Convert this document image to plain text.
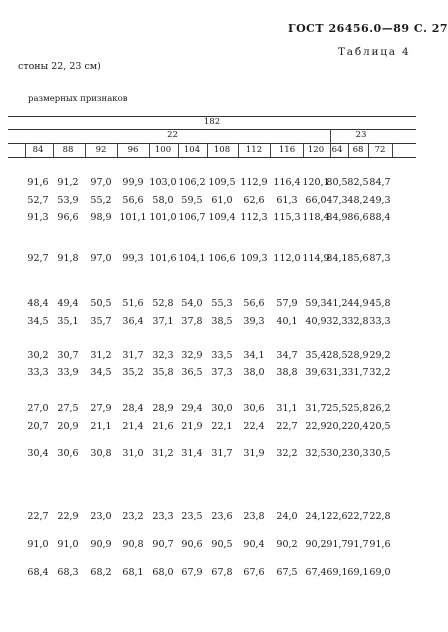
ГОСТ 26456.0—89 С. 27
Таблица 4
стоны 22, 23 см)
размерных признаков
182
22	23
84 88	92 96 100 104 108 112 116 120 64 68 72
91,6 91,2 97,0 99,9 103,0 106,2 109,5 112,9 116,4 120,1
80,5 82,5 84,7
52,7 53,9 55,2 56,6 58,0 59,5 61,0 62,6 61,3 66,0 47,3 48,2 49,3
91,3 96,6 98,9 101,1 101,0 106,7 109,4 112,3 115,3 118,4
84,9 86,6 88,4
92,7 91,8 97,0 99,3 101,6 104,1 106,6 109,3 112,0 114,9
84,1 85,6 87,3
48,4 49,4 50,5 51,6 52,8 54,0 55,3 56,6 57,9 59,3 41,2 44,9 45,8
34,5 35,1 35,7 36,4 37,1 37,8 38,5 39,3 40,1 40,9 32,3 32,8 33,3
30,2 30,7 31,2 31,7 32,3 32,9 33,5 34,1 34,7 35,4 28,5 28,9 29,2
33,3 33,9 34,5 35,2 35,8 36,5 37,3 38,0 38,8 39,6 31,3 31,7 32,2
27,0 27,5 27,9 28,4 28,9 29,4 30,0 30,6 31,1 31,7 25,5 25,8 26,2
20,7 20,9 21,1 21,4 21,6 21,9 22,1 22,4 22,7 22,9 20,2 20,4 20,5
30,4 30,6 30,8 31,0 31,2 31,4 31,7 31,9 32,2 32,5 30,2 30,3 30,5
22,7 22,9 23,0 23,2 23,3 23,5 23,6 23,8 24,0 24,1 22,6 22,7 22,8
91,0 91,0 90,9 90,8 90,7 90,6 90,5 90,4 90,2 90,2 91,7 91,7 91,6
68,4 68,3 68,2 68,1 68,0 67,9 67,8 67,6 67,5 67,4 69,1 69,1 69,0
